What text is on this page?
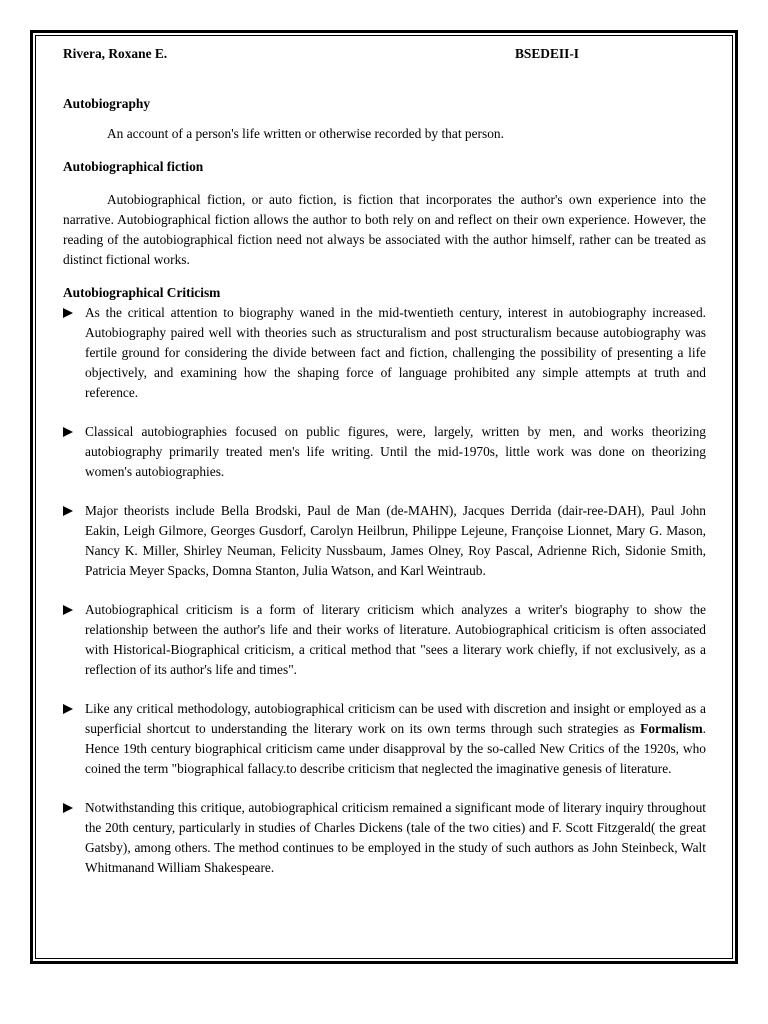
Rivera, Roxane E.	BSEDEII-I

Autobiography

An account of a person's life written or otherwise recorded by that person.

Autobiographical fiction

Autobiographical fiction, or auto fiction, is fiction that incorporates the author's own experience into the narrative. Autobiographical fiction allows the author to both rely on and reflect on their own experience. However, the reading of the autobiographical fiction need not always be associated with the author himself, rather can be treated as distinct fictional works.

Autobiographical Criticism

As the critical attention to biography waned in the mid-twentieth century, interest in autobiography increased. Autobiography paired well with theories such as structuralism and post structuralism because autobiography was fertile ground for considering the divide between fact and fiction, challenging the possibility of presenting a life objectively, and examining how the shaping force of language prohibited any simple attempts at truth and reference.
Classical autobiographies focused on public figures, were, largely, written by men, and works theorizing autobiography primarily treated men's life writing. Until the mid-1970s, little work was done on theorizing women's autobiographies.
Major theorists include Bella Brodski, Paul de Man (de-MAHN), Jacques Derrida (dair-ree-DAH), Paul John Eakin, Leigh Gilmore, Georges Gusdorf, Carolyn Heilbrun, Philippe Lejeune, Françoise Lionnet, Mary G. Mason, Nancy K. Miller, Shirley Neuman, Felicity Nussbaum, James Olney, Roy Pascal, Adrienne Rich, Sidonie Smith, Patricia Meyer Spacks, Domna Stanton, Julia Watson, and Karl Weintraub.
Autobiographical criticism is a form of literary criticism which analyzes a writer's biography to show the relationship between the author's life and their works of literature. Autobiographical criticism is often associated with Historical-Biographical criticism, a critical method that "sees a literary work chiefly, if not exclusively, as a reflection of its author's life and times".
Like any critical methodology, autobiographical criticism can be used with discretion and insight or employed as a superficial shortcut to understanding the literary work on its own terms through such strategies as Formalism. Hence 19th century biographical criticism came under disapproval by the so-called New Critics of the 1920s, who coined the term "biographical fallacy.to describe criticism that neglected the imaginative genesis of literature.
Notwithstanding this critique, autobiographical criticism remained a significant mode of literary inquiry throughout the 20th century, particularly in studies of Charles Dickens (tale of the two cities) and F. Scott Fitzgerald( the great Gatsby), among others. The method continues to be employed in the study of such authors as John Steinbeck, Walt Whitmanand William Shakespeare.
